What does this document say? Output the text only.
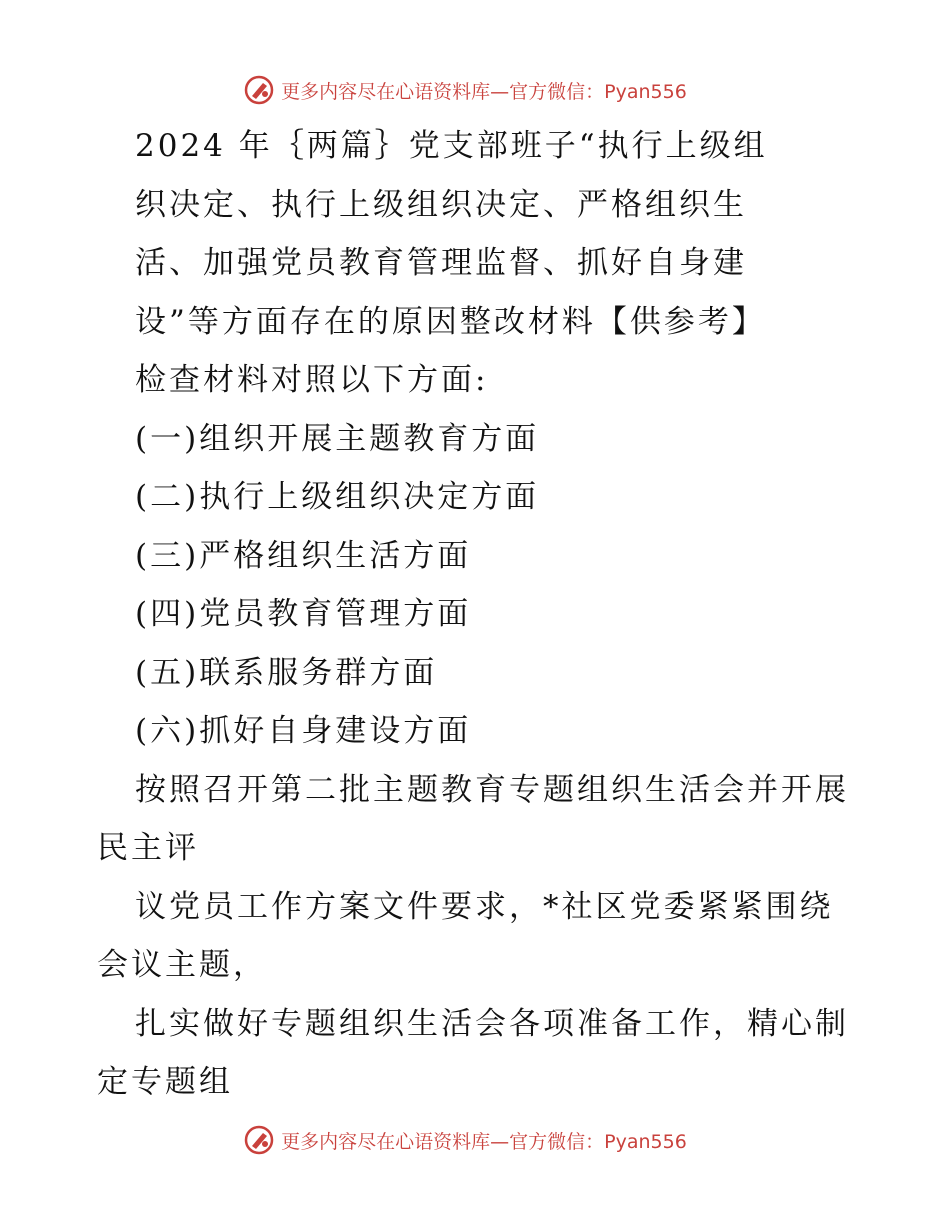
更多内容尽在心语资料库—官方微信：Pyan556
2024 年｛两篇｝党支部班子“执行上级组
织决定、执行上级组织决定、严格组织生
活、加强党员教育管理监督、抓好自身建
设”等方面存在的原因整改材料【供参考】
检查材料对照以下方面:
(一)组织开展主题教育方面
(二)执行上级组织决定方面
(三)严格组织生活方面
(四)党员教育管理方面
(五)联系服务群方面
(六)抓好自身建设方面
按照召开第二批主题教育专题组织生活会并开展
民主评
议党员工作方案文件要求，*社区党委紧紧围绕
会议主题，
扎实做好专题组织生活会各项准备工作，精心制
定专题组
更多内容尽在心语资料库—官方微信：Pyan556
